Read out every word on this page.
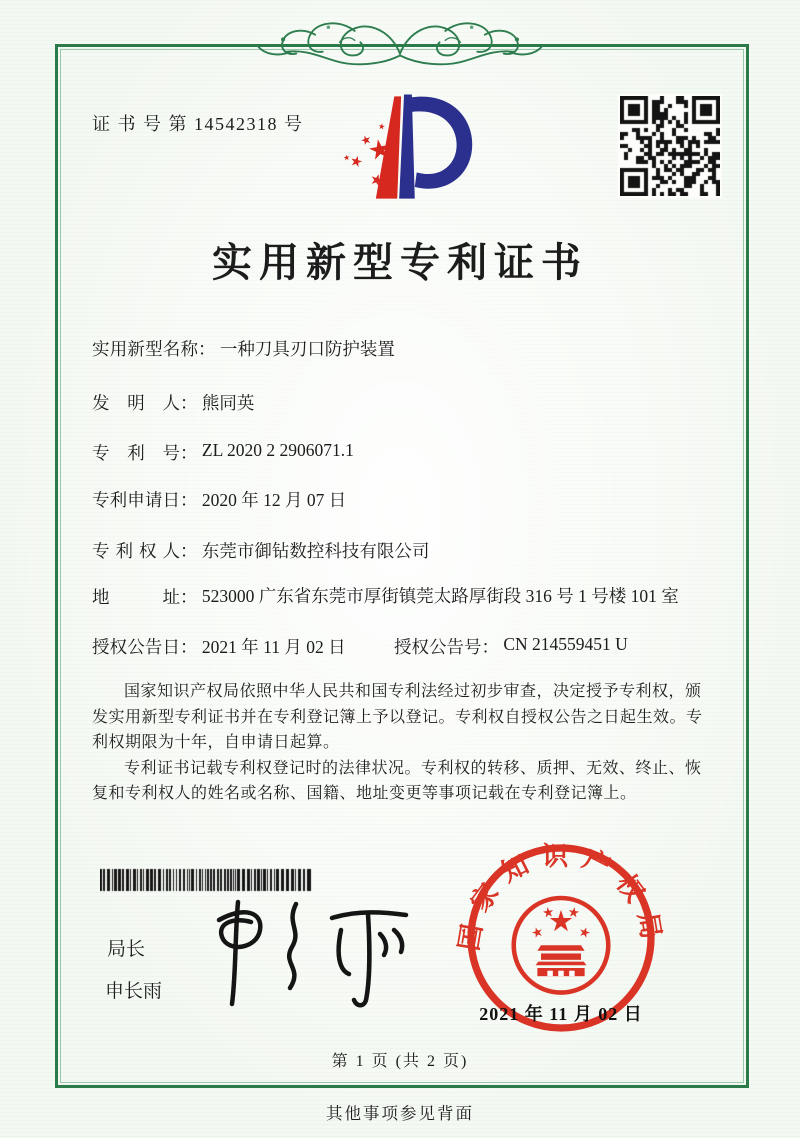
证 书 号 第 14542318 号
实用新型专利证书
实用新型名称： 一种刀具刃口防护装置
发明人： 熊同英
专利号： ZL 2020 2 2906071.1
专利申请日： 2020 年 12 月 07 日
专利权人： 东莞市御钻数控科技有限公司
地址： 523000 广东省东莞市厚街镇莞太路厚街段 316 号 1 号楼 101 室
授权公告日： 2021 年 11 月 02 日	授权公告号： CN 214559451 U

国家知识产权局依照中华人民共和国专利法经过初步审查，决定授予专利权，颁发实用新型专利证书并在专利登记簿上予以登记。专利权自授权公告之日起生效。专利权期限为十年，自申请日起算。

专利证书记载专利权登记时的法律状况。专利权的转移、质押、无效、终止、恢复和专利权人的姓名或名称、国籍、地址变更等事项记载在专利登记簿上。

局长
申长雨
国家知识产权局
2021 年 11 月 02 日
第 1 页 (共 2 页)
其他事项参见背面
